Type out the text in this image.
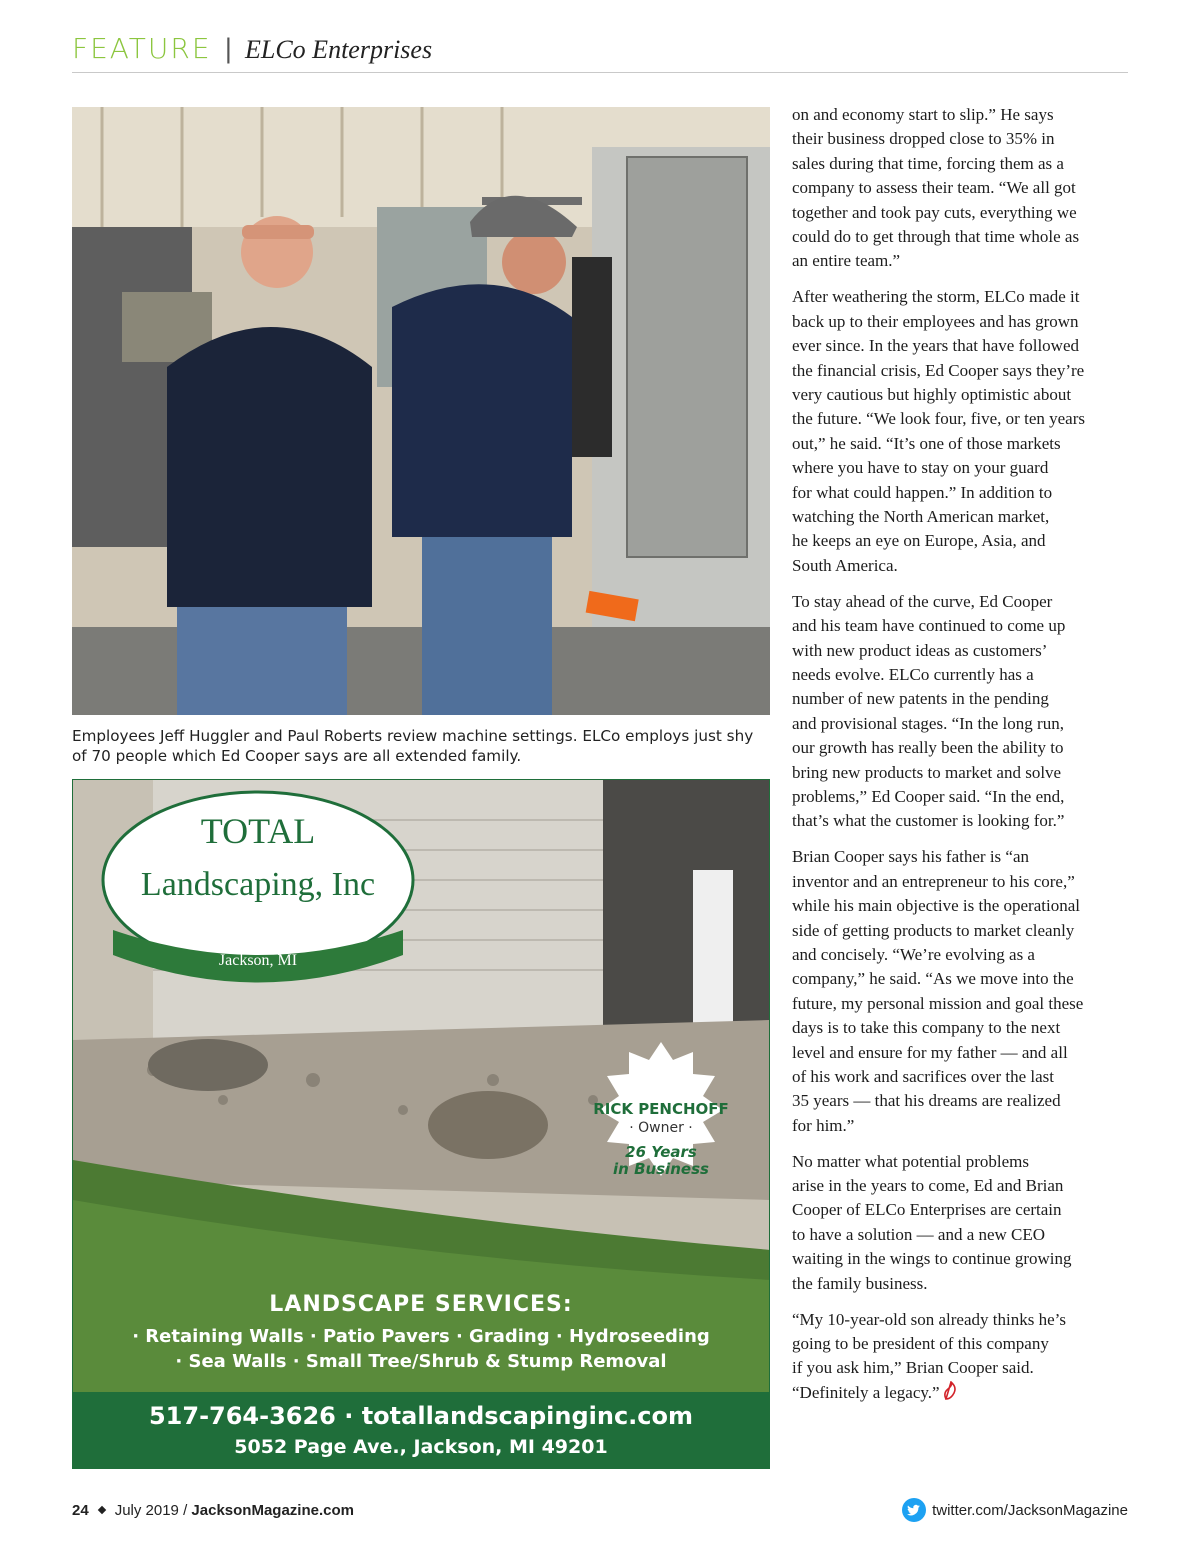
FEATURE | ELCo Enterprises
Employees Jeff Huggler and Paul Roberts review machine settings. ELCo employs just shy of 70 people which Ed Cooper says are all extended family.
TOTAL
Landscaping, Inc
Jackson, MI
RICK PENCHOFF
· Owner ·
26 Years
in Business
LANDSCAPE SERVICES:
· Retaining Walls · Patio Pavers · Grading · Hydroseeding
· Sea Walls · Small Tree/Shrub & Stump Removal
517-764-3626 · totallandscapinginc.com
5052 Page Ave., Jackson, MI 49201

on and economy start to slip.” He says
their business dropped close to 35% in
sales during that time, forcing them as a
company to assess their team. “We all got
together and took pay cuts, everything we
could do to get through that time whole as
an entire team.”

After weathering the storm, ELCo made it
back up to their employees and has grown
ever since. In the years that have followed
the financial crisis, Ed Cooper says they’re
very cautious but highly optimistic about
the future. “We look four, five, or ten years
out,” he said. “It’s one of those markets
where you have to stay on your guard
for what could happen.” In addition to
watching the North American market,
he keeps an eye on Europe, Asia, and
South America.

To stay ahead of the curve, Ed Cooper
and his team have continued to come up
with new product ideas as customers’
needs evolve. ELCo currently has a
number of new patents in the pending
and provisional stages. “In the long run,
our growth has really been the ability to
bring new products to market and solve
problems,” Ed Cooper said. “In the end,
that’s what the customer is looking for.”

Brian Cooper says his father is “an
inventor and an entrepreneur to his core,”
while his main objective is the operational
side of getting products to market cleanly
and concisely. “We’re evolving as a
company,” he said. “As we move into the
future, my personal mission and goal these
days is to take this company to the next
level and ensure for my father — and all
of his work and sacrifices over the last
35 years — that his dreams are realized
for him.”

No matter what potential problems
arise in the years to come, Ed and Brian
Cooper of ELCo Enterprises are certain
to have a solution — and a new CEO
waiting in the wings to continue growing
the family business.

“My 10-year-old son already thinks he’s
going to be president of this company
if you ask him,” Brian Cooper said.
“Definitely a legacy.”

24 July 2019 / JacksonMagazine.com	twitter.com/JacksonMagazine
